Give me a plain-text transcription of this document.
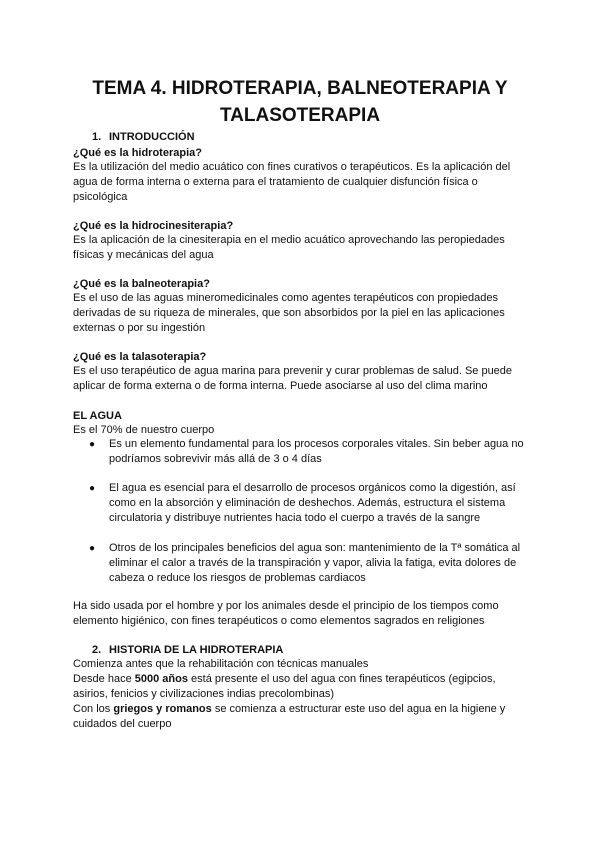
TEMA 4. HIDROTERAPIA, BALNEOTERAPIA Y
TALASOTERAPIA
1. INTRODUCCIÓN
¿Qué es la hidroterapia?

Es la utilización del medio acuático con fines curativos o terapéuticos. Es la aplicación del
agua de forma interna o externa para el tratamiento de cualquier disfunción física o
psicológica

¿Qué es la hidrocinesiterapia?

Es la aplicación de la cinesiterapia en el medio acuático aprovechando las peropiedades
físicas y mecánicas del agua

¿Qué es la balneoterapia?

Es el uso de las aguas mineromedicinales como agentes terapéuticos con propiedades
derivadas de su riqueza de minerales, que son absorbidos por la piel en las aplicaciones
externas o por su ingestión

¿Qué es la talasoterapia?

Es el uso terapéutico de agua marina para prevenir y curar problemas de salud. Se puede
aplicar de forma externa o de forma interna. Puede asociarse al uso del clima marino

EL AGUA

Es el 70% de nuestro cuerpo

● Es un elemento fundamental para los procesos corporales vitales. Sin beber agua no
podríamos sobrevivir más allá de 3 o 4 días
● El agua es esencial para el desarrollo de procesos orgánicos como la digestión, así
como en la absorción y eliminación de deshechos. Además, estructura el sistema
circulatoria y distribuye nutrientes hacia todo el cuerpo a través de la sangre
● Otros de los principales beneficios del agua son: mantenimiento de la Tª somática al
eliminar el calor a través de la transpiración y vapor, alivia la fatiga, evita dolores de
cabeza o reduce los riesgos de problemas cardiacos

Ha sido usada por el hombre y por los animales desde el principio de los tiempos como
elemento higiénico, con fines terapéuticos o como elementos sagrados en religiones

2. HISTORIA DE LA HIDROTERAPIA

Comienza antes que la rehabilitación con técnicas manuales
Desde hace 5000 años está presente el uso del agua con fines terapéuticos (egipcios,
asirios, fenicios y civilizaciones indias precolombinas)
Con los griegos y romanos se comienza a estructurar este uso del agua en la higiene y
cuidados del cuerpo
